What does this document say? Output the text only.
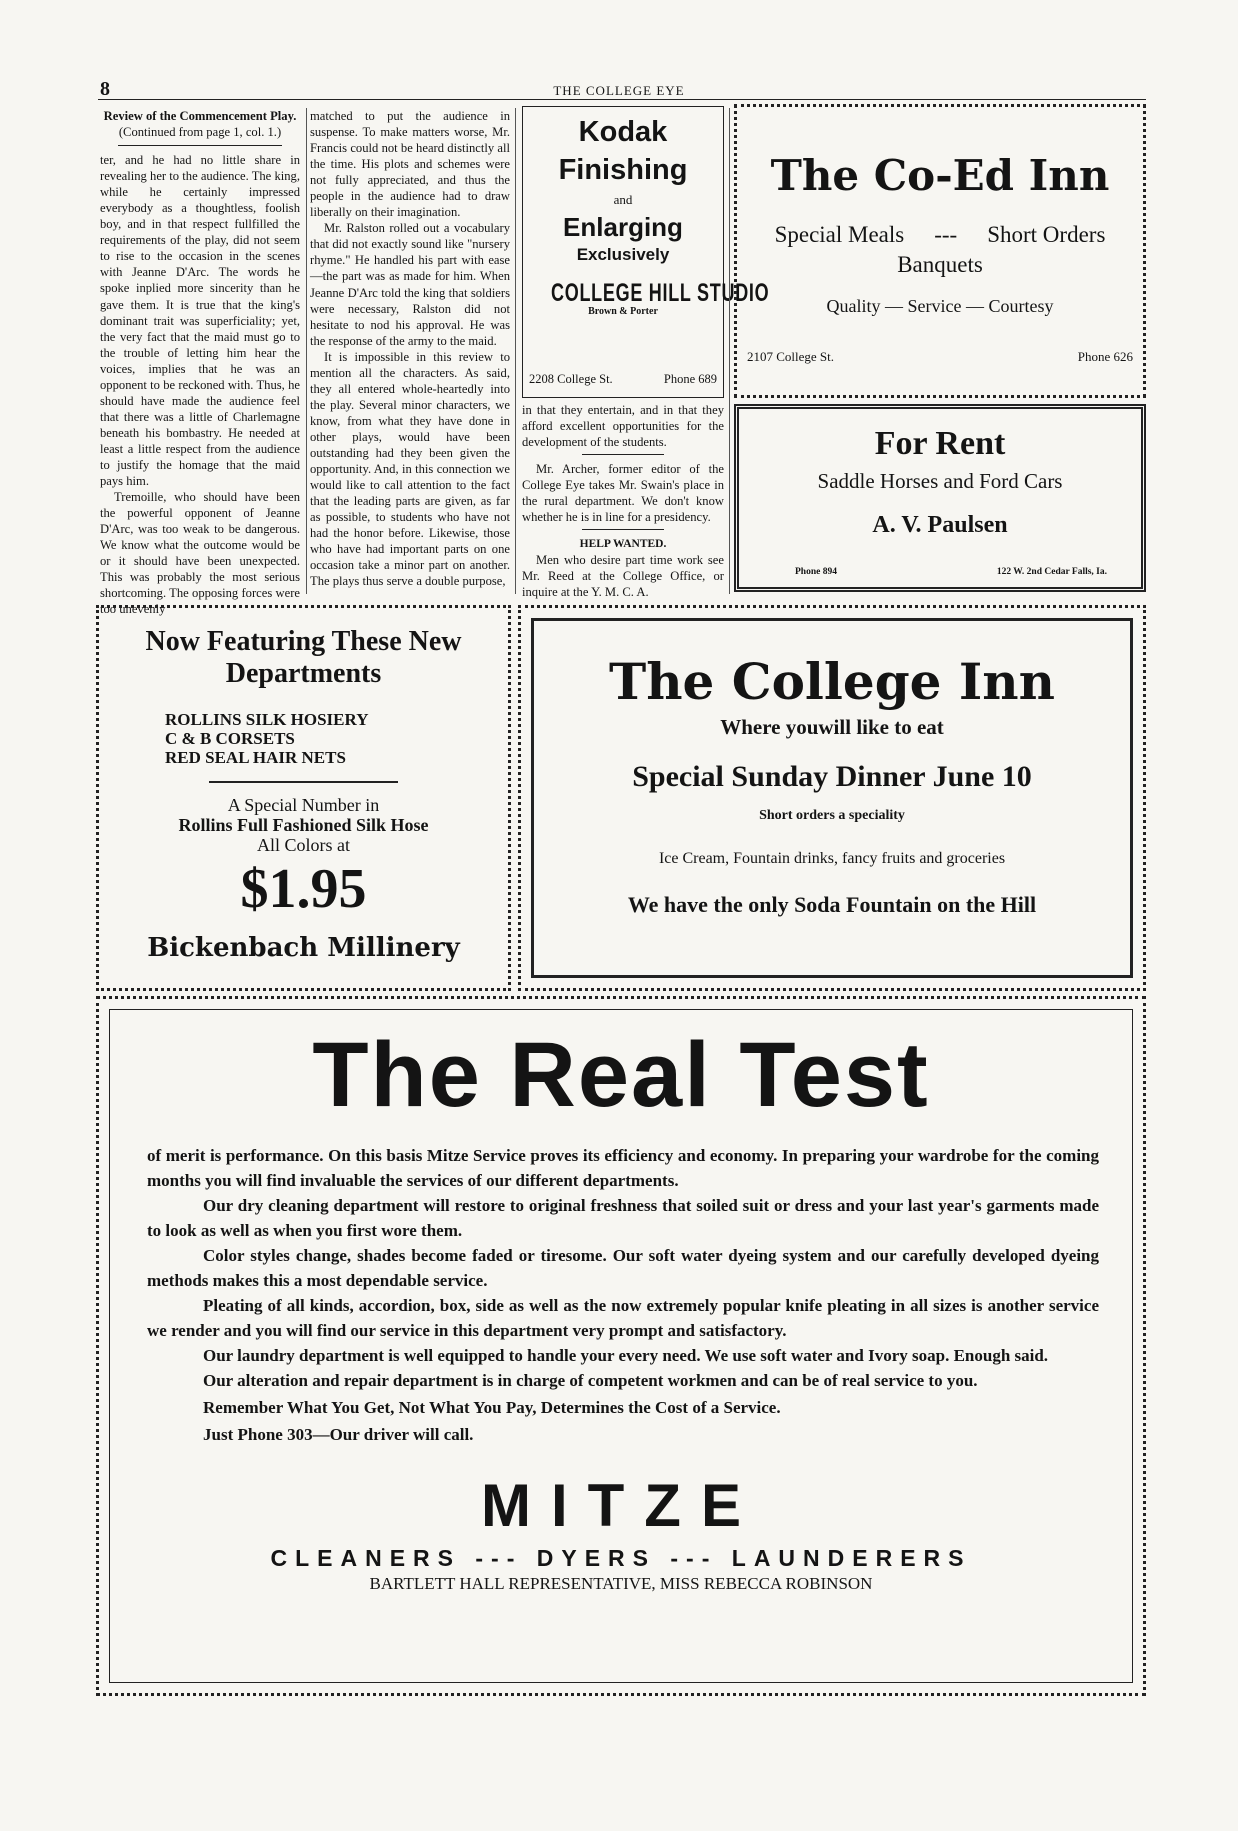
8	THE COLLEGE EYE

Review of the Commencement Play.

(Continued from page 1, col. 1.)

ter, and he had no little share in revealing her to the audience. The king, while he certainly impressed everybody as a thoughtless, foolish boy, and in that respect fullfilled the requirements of the play, did not seem to rise to the occasion in the scenes with Jeanne D'Arc. The words he spoke inplied more sincerity than he gave them. It is true that the king's dominant trait was superficiality; yet, the very fact that the maid must go to the trouble of letting him hear the voices, implies that he was an opponent to be reckoned with. Thus, he should have made the audience feel that there was a little of Charlemagne beneath his bombastry. He needed at least a little respect from the audience to justify the homage that the maid pays him.

Tremoille, who should have been the powerful opponent of Jeanne D'Arc, was too weak to be dangerous. We know what the outcome would be or it should have been unexpected. This was probably the most serious shortcoming. The opposing forces were too unevenly

matched to put the audience in suspense. To make matters worse, Mr. Francis could not be heard distinctly all the time. His plots and schemes were not fully appreciated, and thus the people in the audience had to draw liberally on their imagination.

Mr. Ralston rolled out a vocabulary that did not exactly sound like "nursery rhyme." He handled his part with ease—the part was as made for him. When Jeanne D'Arc told the king that soldiers were necessary, Ralston did not hesitate to nod his approval. He was the response of the army to the maid.

It is impossible in this review to mention all the characters. As said, they all entered whole-heartedly into the play. Several minor characters, we know, from what they have done in other plays, would have been outstanding had they been given the opportunity. And, in this connection we would like to call attention to the fact that the leading parts are given, as far as possible, to students who have not had the honor before. Likewise, those who have had important parts on one occasion take a minor part on another. The plays thus serve a double purpose,

Kodak
Finishing
and
Enlarging
Exclusively
COLLEGE HILL STUDIO
Brown & Porter
2208 College St.	Phone 689

in that they entertain, and in that they afford excellent opportunities for the development of the students.

Mr. Archer, former editor of the College Eye takes Mr. Swain's place in the rural department. We don't know whether he is in line for a presidency.

HELP WANTED.

Men who desire part time work see Mr. Reed at the College Office, or inquire at the Y. M. C. A.

The Co-Ed Inn
Special Meals --- Short Orders
Banquets
Quality — Service — Courtesy
2107 College St.	Phone 626
For Rent
Saddle Horses and Ford Cars
A. V. Paulsen
Phone 894	122 W. 2nd Cedar Falls, Ia.
Now Featuring These New Departments
ROLLINS SILK HOSIERY
C & B CORSETS
RED SEAL HAIR NETS
A Special Number in
Rollins Full Fashioned Silk Hose
All Colors at
$1.95
Bickenbach Millinery
The College Inn
Where youwill like to eat
Special Sunday Dinner June 10
Short orders a speciality
Ice Cream, Fountain drinks, fancy fruits and groceries
We have the only Soda Fountain on the Hill
The Real Test

of merit is performance. On this basis Mitze Service proves its efficiency and economy. In preparing your wardrobe for the coming months you will find invaluable the services of our different departments.

Our dry cleaning department will restore to original freshness that soiled suit or dress and your last year's garments made to look as well as when you first wore them.

Color styles change, shades become faded or tiresome. Our soft water dyeing system and our carefully developed dyeing methods makes this a most dependable service.

Pleating of all kinds, accordion, box, side as well as the now extremely popular knife pleating in all sizes is another service we render and you will find our service in this department very prompt and satisfactory.

Our laundry department is well equipped to handle your every need. We use soft water and Ivory soap. Enough said.

Our alteration and repair department is in charge of competent workmen and can be of real service to you.

Remember What You Get, Not What You Pay, Determines the Cost of a Service.

Just Phone 303—Our driver will call.

MITZE
CLEANERS --- DYERS --- LAUNDERERS
BARTLETT HALL REPRESENTATIVE, MISS REBECCA ROBINSON
